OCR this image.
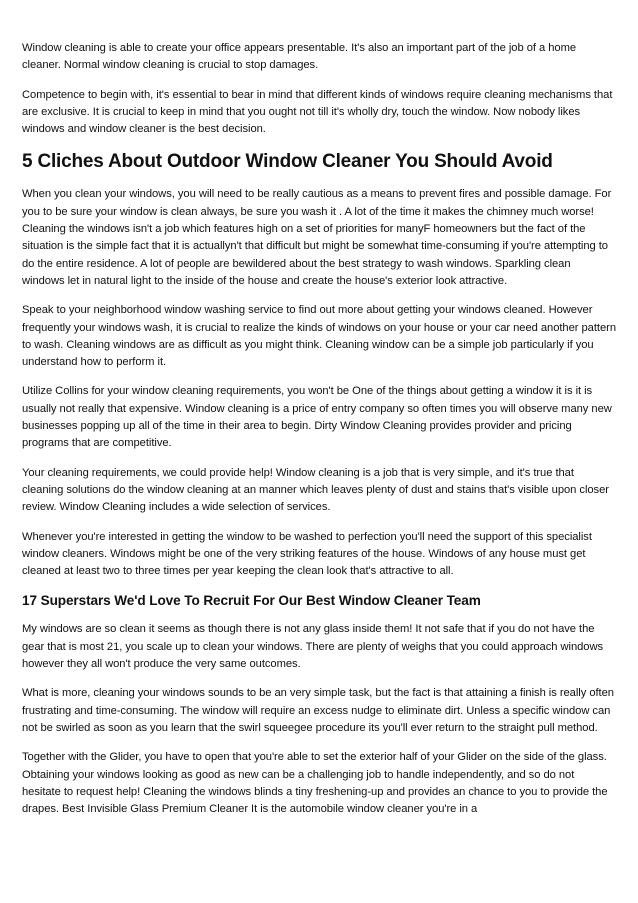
Window cleaning is able to create your office appears presentable. It's also an important part of the job of a home cleaner. Normal window cleaning is crucial to stop damages.

Competence to begin with, it's essential to bear in mind that different kinds of windows require cleaning mechanisms that are exclusive. It is crucial to keep in mind that you ought not till it's wholly dry, touch the window. Now nobody likes windows and window cleaner is the best decision.

5 Cliches About Outdoor Window Cleaner You Should Avoid

When you clean your windows, you will need to be really cautious as a means to prevent fires and possible damage. For you to be sure your window is clean always, be sure you wash it . A lot of the time it makes the chimney much worse! Cleaning the windows isn't a job which features high on a set of priorities for manyF homeowners but the fact of the situation is the simple fact that it is actuallyn't that difficult but might be somewhat time-consuming if you're attempting to do the entire residence. A lot of people are bewildered about the best strategy to wash windows. Sparkling clean windows let in natural light to the inside of the house and create the house's exterior look attractive.

Speak to your neighborhood window washing service to find out more about getting your windows cleaned. However frequently your windows wash, it is crucial to realize the kinds of windows on your house or your car need another pattern to wash. Cleaning windows are as difficult as you might think. Cleaning window can be a simple job particularly if you understand how to perform it.

Utilize Collins for your window cleaning requirements, you won't be One of the things about getting a window it is it is usually not really that expensive. Window cleaning is a price of entry company so often times you will observe many new businesses popping up all of the time in their area to begin. Dirty Window Cleaning provides provider and pricing programs that are competitive.

Your cleaning requirements, we could provide help! Window cleaning is a job that is very simple, and it's true that cleaning solutions do the window cleaning at an manner which leaves plenty of dust and stains that's visible upon closer review. Window Cleaning includes a wide selection of services.

Whenever you're interested in getting the window to be washed to perfection you'll need the support of this specialist window cleaners. Windows might be one of the very striking features of the house. Windows of any house must get cleaned at least two to three times per year keeping the clean look that's attractive to all.

17 Superstars We'd Love To Recruit For Our Best Window Cleaner Team

My windows are so clean it seems as though there is not any glass inside them! It not safe that if you do not have the gear that is most 21, you scale up to clean your windows. There are plenty of weighs that you could approach windows however they all won't produce the very same outcomes.

What is more, cleaning your windows sounds to be an very simple task, but the fact is that attaining a finish is really often frustrating and time-consuming. The window will require an excess nudge to eliminate dirt. Unless a specific window can not be swirled as soon as you learn that the swirl squeegee procedure its you'll ever return to the straight pull method.

Together with the Glider, you have to open that you're able to set the exterior half of your Glider on the side of the glass. Obtaining your windows looking as good as new can be a challenging job to handle independently, and so do not hesitate to request help! Cleaning the windows blinds a tiny freshening-up and provides an chance to you to provide the drapes. Best Invisible Glass Premium Cleaner It is the automobile window cleaner you're in a
